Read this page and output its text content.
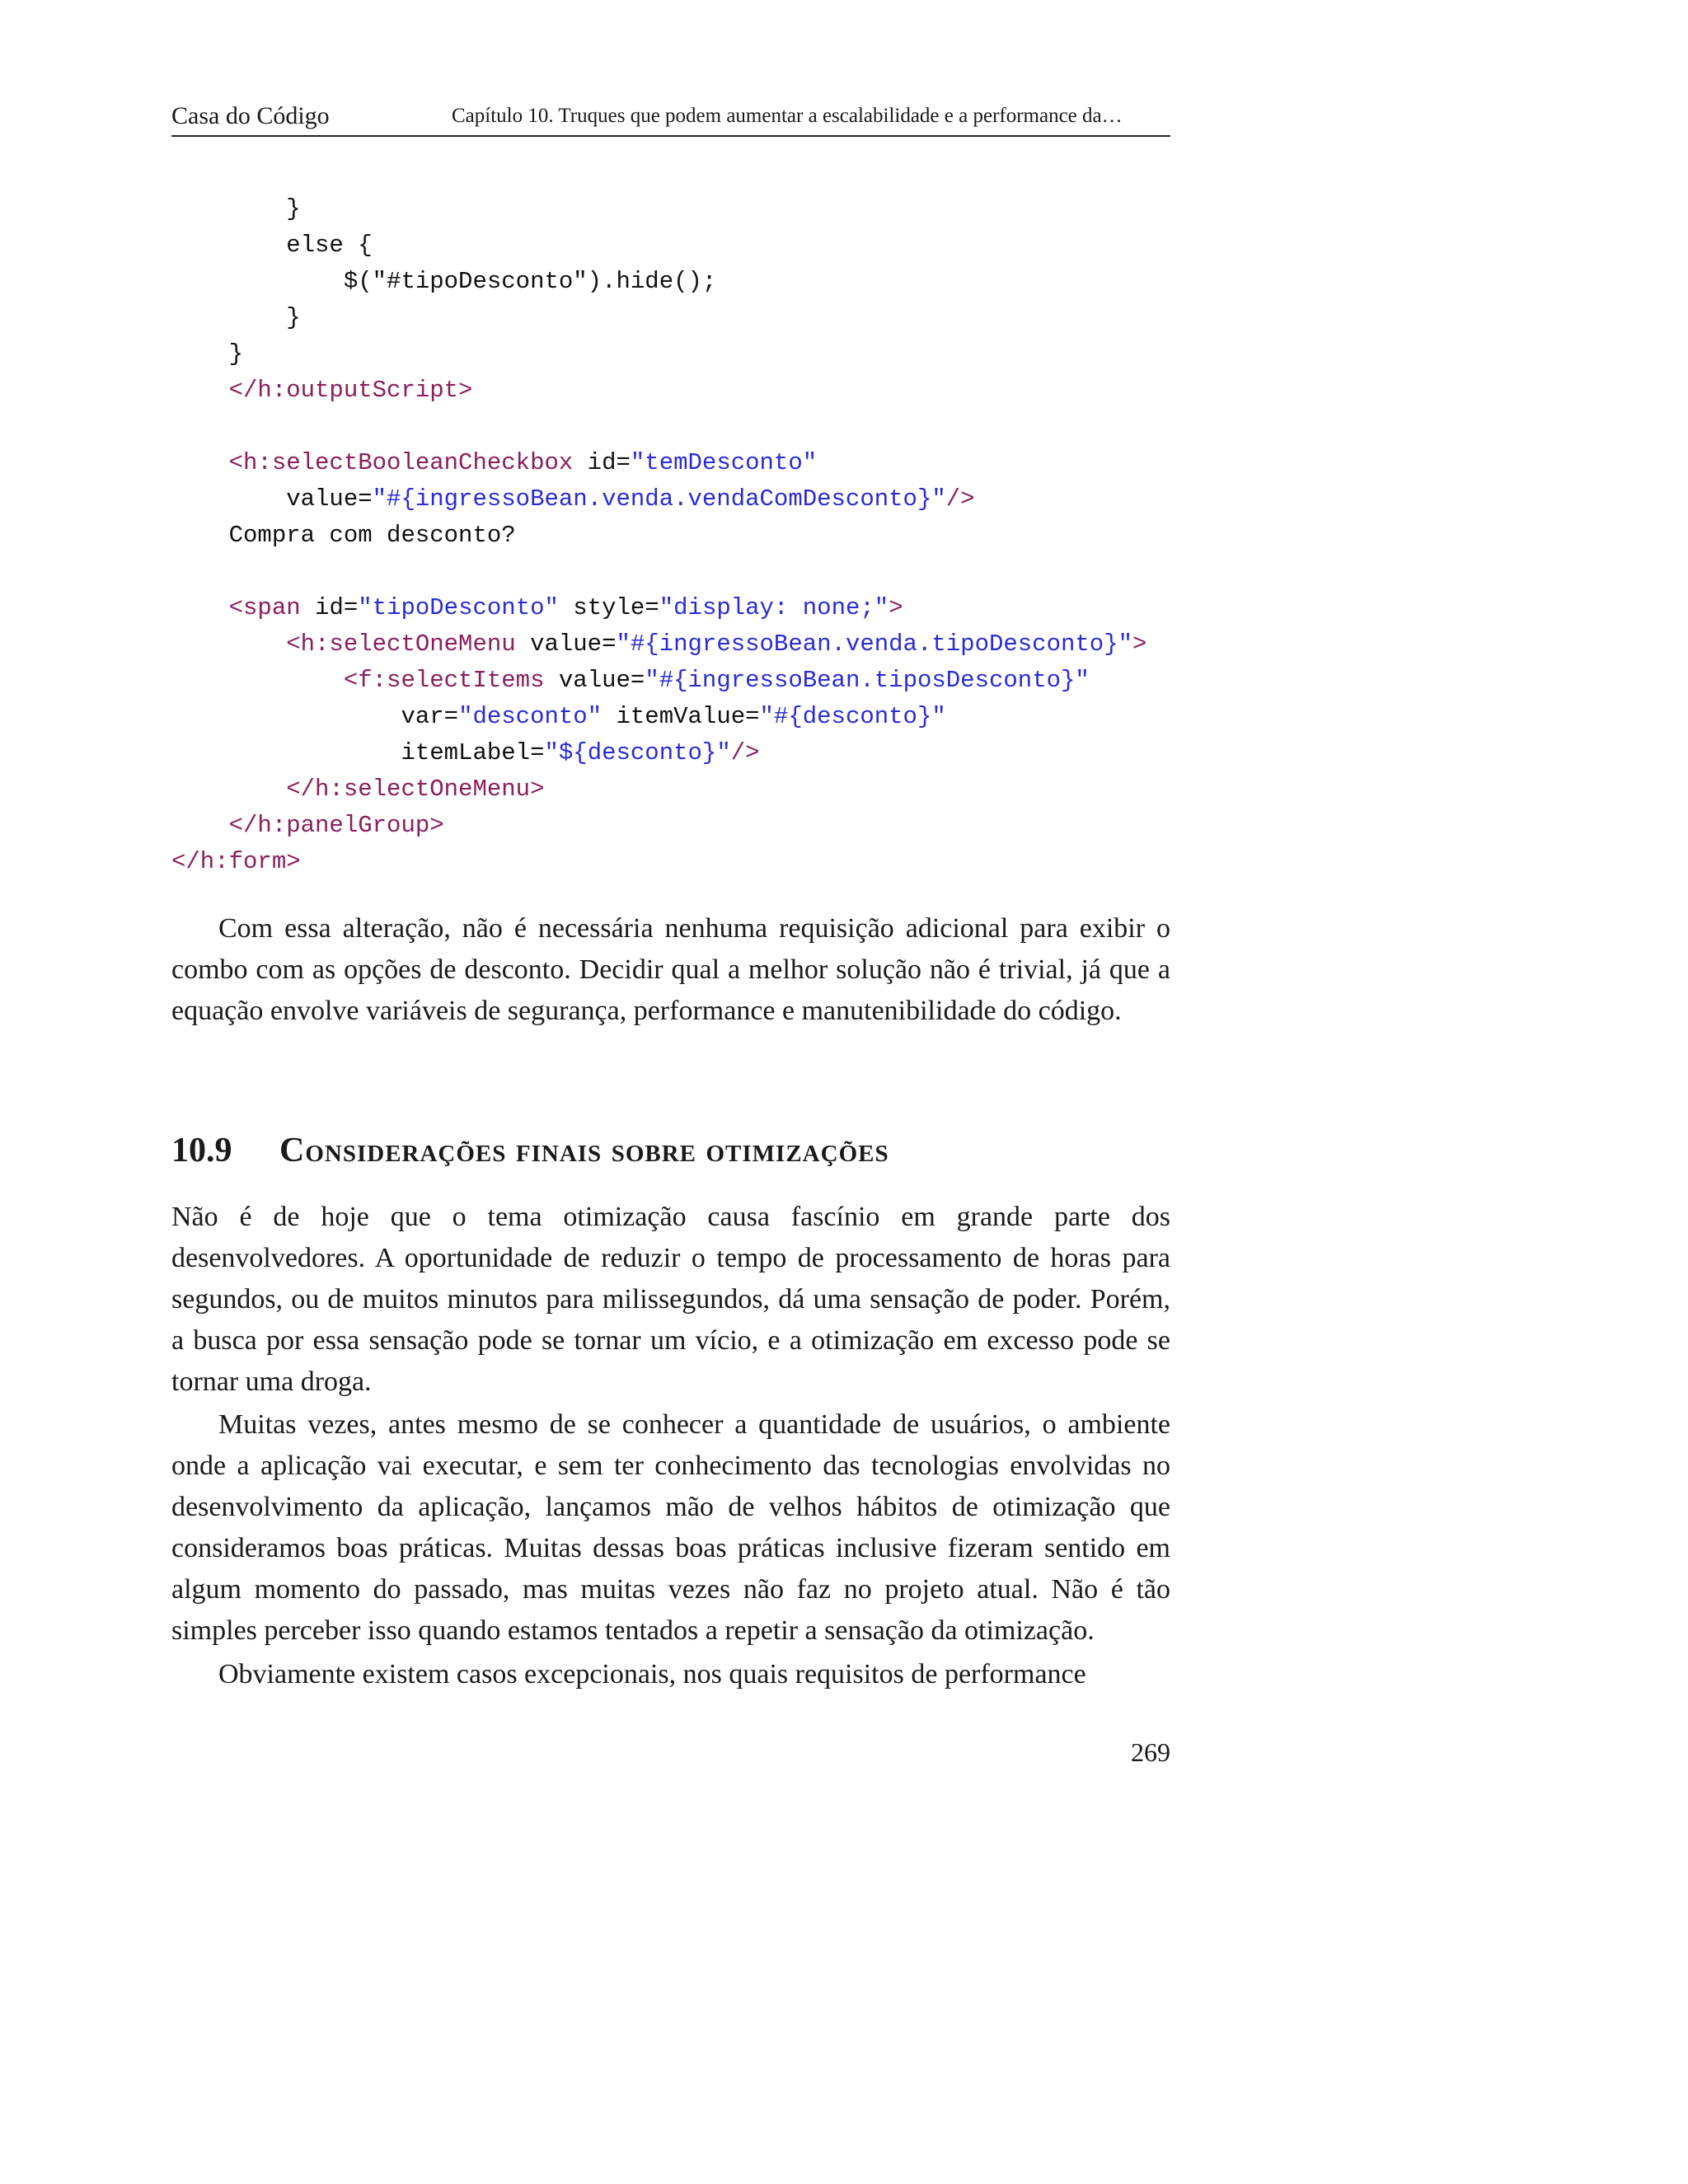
Casa do Código	Capítulo 10. Truques que podem aumentar a escalabilidade e a performance da…
}
else {
$("#tipoDesconto").hide();
}
}
</h:outputScript>
<h:selectBooleanCheckbox id="temDesconto"
value="#{ingressoBean.venda.vendaComDesconto}"/>
Compra com desconto?
<span id="tipoDesconto" style="display: none;">
<h:selectOneMenu value="#{ingressoBean.venda.tipoDesconto}">
<f:selectItems value="#{ingressoBean.tiposDesconto}"
var="desconto" itemValue="#{desconto}"
itemLabel="${desconto}"/>
</h:selectOneMenu>
</h:panelGroup>
</h:form>

Com essa alteração, não é necessária nenhuma requisição adicional para exibir o combo com as opções de desconto. Decidir qual a melhor solução não é trivial, já que a equação envolve variáveis de segurança, performance e manutenibilidade do código.

10.9 Considerações finais sobre otimizações

Não é de hoje que o tema otimização causa fascínio em grande parte dos desenvolvedores. A oportunidade de reduzir o tempo de processamento de horas para segundos, ou de muitos minutos para milissegundos, dá uma sensação de poder. Porém, a busca por essa sensação pode se tornar um vício, e a otimização em excesso pode se tornar uma droga.

Muitas vezes, antes mesmo de se conhecer a quantidade de usuários, o ambiente onde a aplicação vai executar, e sem ter conhecimento das tecnologias envolvidas no desenvolvimento da aplicação, lançamos mão de velhos hábitos de otimização que consideramos boas práticas. Muitas dessas boas práticas inclusive fizeram sentido em algum momento do passado, mas muitas vezes não faz no projeto atual. Não é tão simples perceber isso quando estamos tentados a repetir a sensação da otimização.

Obviamente existem casos excepcionais, nos quais requisitos de performance

269
